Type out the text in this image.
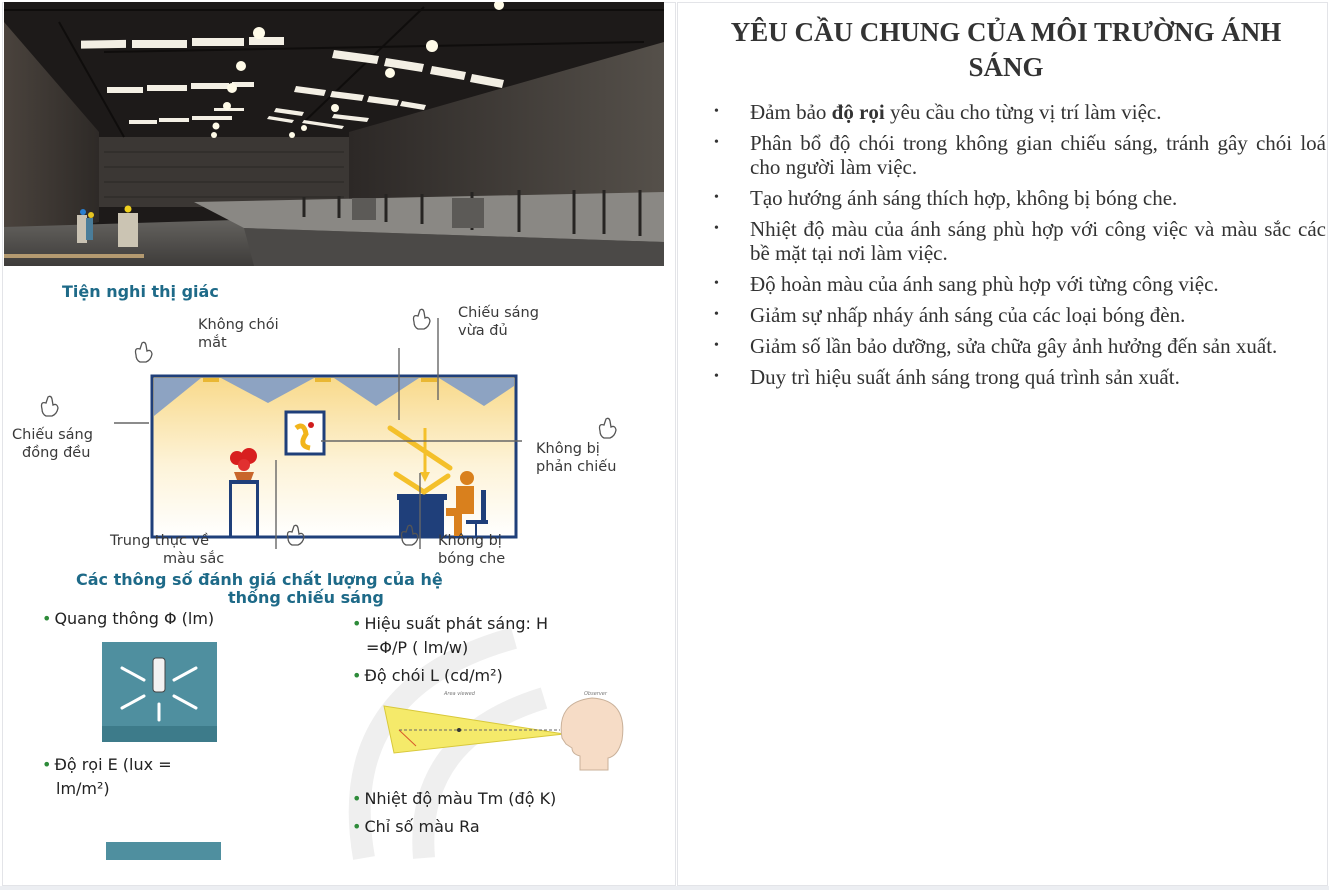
Tiện nghi thị giác
Không chói
mắt
Chiếu sáng
vừa đủ
Chiếu sáng
đồng đều	Không bị
phản chiếu
Trung thực về
màu sắc
Không bị
bóng che
Các thông số đánh giá chất lượng của hệ
thống chiếu sáng
• Quang thông Φ (lm)	• Hiệu suất phát sáng: H
=Φ/P ( lm/w)
• Độ chói L (cd/m²)
Area viewed	Observer
• Độ rọi E (lux =
lm/m²)
• Nhiệt độ màu Tm (độ K)
• Chỉ số màu Ra
YÊU CẦU CHUNG CỦA MÔI TRƯỜNG ÁNH SÁNG
• Đảm bảo độ rọi yêu cầu cho từng vị trí làm việc.
• Phân bổ độ chói trong không gian chiếu sáng, tránh gây chói loá cho người làm việc.
• Tạo hướng ánh sáng thích hợp, không bị bóng che.
• Nhiệt độ màu của ánh sáng phù hợp với công việc và màu sắc các bề mặt tại nơi làm việc.
• Độ hoàn màu của ánh sang phù hợp với từng công việc.
• Giảm sự nhấp nháy ánh sáng của các loại bóng đèn.
• Giảm số lần bảo dưỡng, sửa chữa gây ảnh hưởng đến sản xuất.
• Duy trì hiệu suất ánh sáng trong quá trình sản xuất.
